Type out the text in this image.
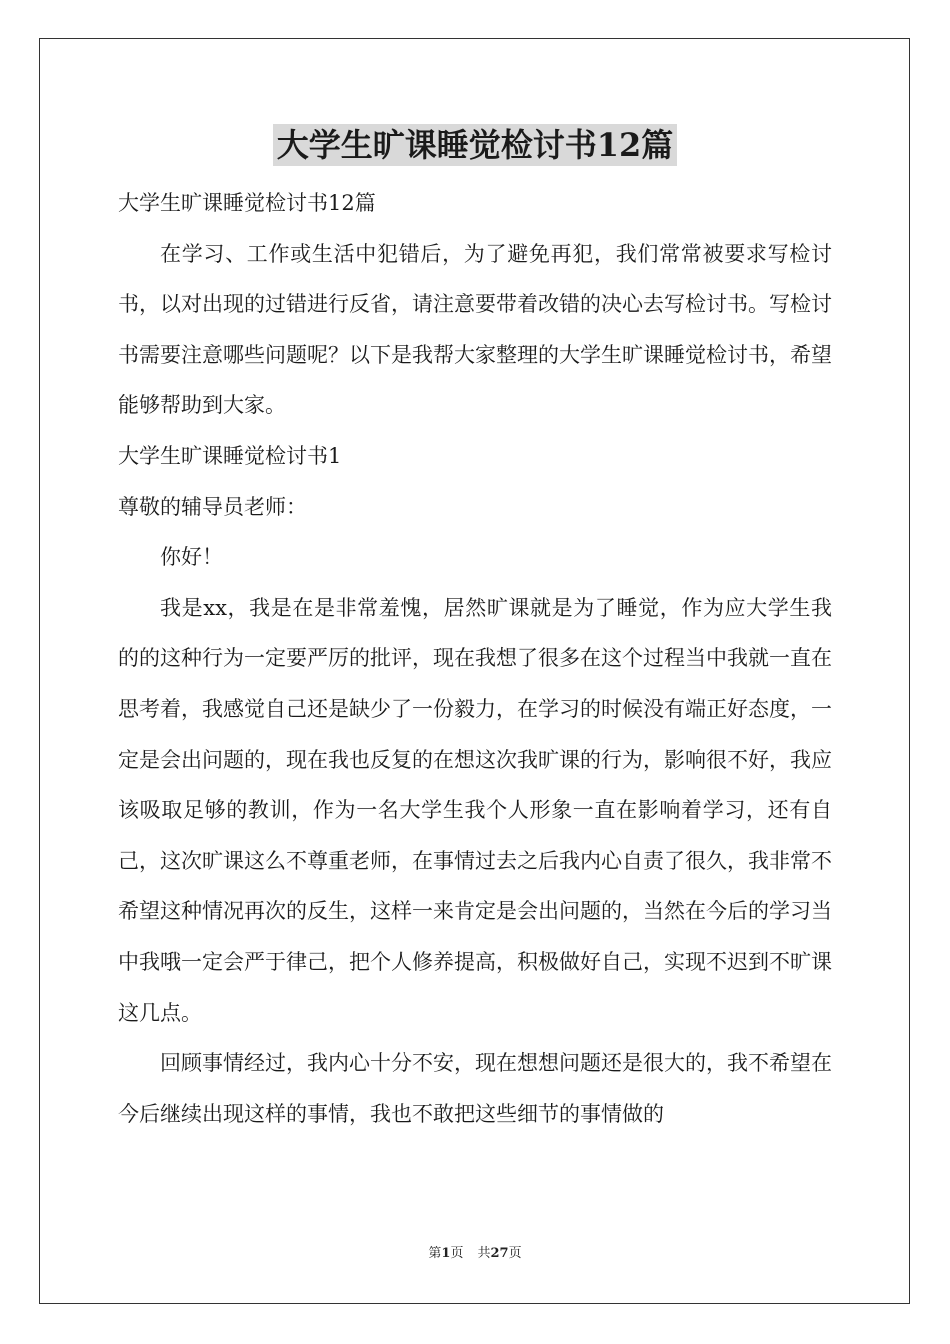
大学生旷课睡觉检讨书12篇

大学生旷课睡觉检讨书12篇

在学习、工作或生活中犯错后，为了避免再犯，我们常常被要求写检讨书，以对出现的过错进行反省，请注意要带着改错的决心去写检讨书。写检讨书需要注意哪些问题呢？以下是我帮大家整理的大学生旷课睡觉检讨书，希望能够帮助到大家。

大学生旷课睡觉检讨书1

尊敬的辅导员老师：

你好！

我是xx，我是在是非常羞愧，居然旷课就是为了睡觉，作为应大学生我的的这种行为一定要严厉的批评，现在我想了很多在这个过程当中我就一直在思考着，我感觉自己还是缺少了一份毅力，在学习的时候没有端正好态度，一定是会出问题的，现在我也反复的在想这次我旷课的行为，影响很不好，我应该吸取足够的教训，作为一名大学生我个人形象一直在影响着学习，还有自己，这次旷课这么不尊重老师，在事情过去之后我内心自责了很久，我非常不希望这种情况再次的反生，这样一来肯定是会出问题的，当然在今后的学习当中我哦一定会严于律己，把个人修养提高，积极做好自己，实现不迟到不旷课这几点。

回顾事情经过，我内心十分不安，现在想想问题还是很大的，我不希望在今后继续出现这样的事情，我也不敢把这些细节的事情做的

第1页 共27页
